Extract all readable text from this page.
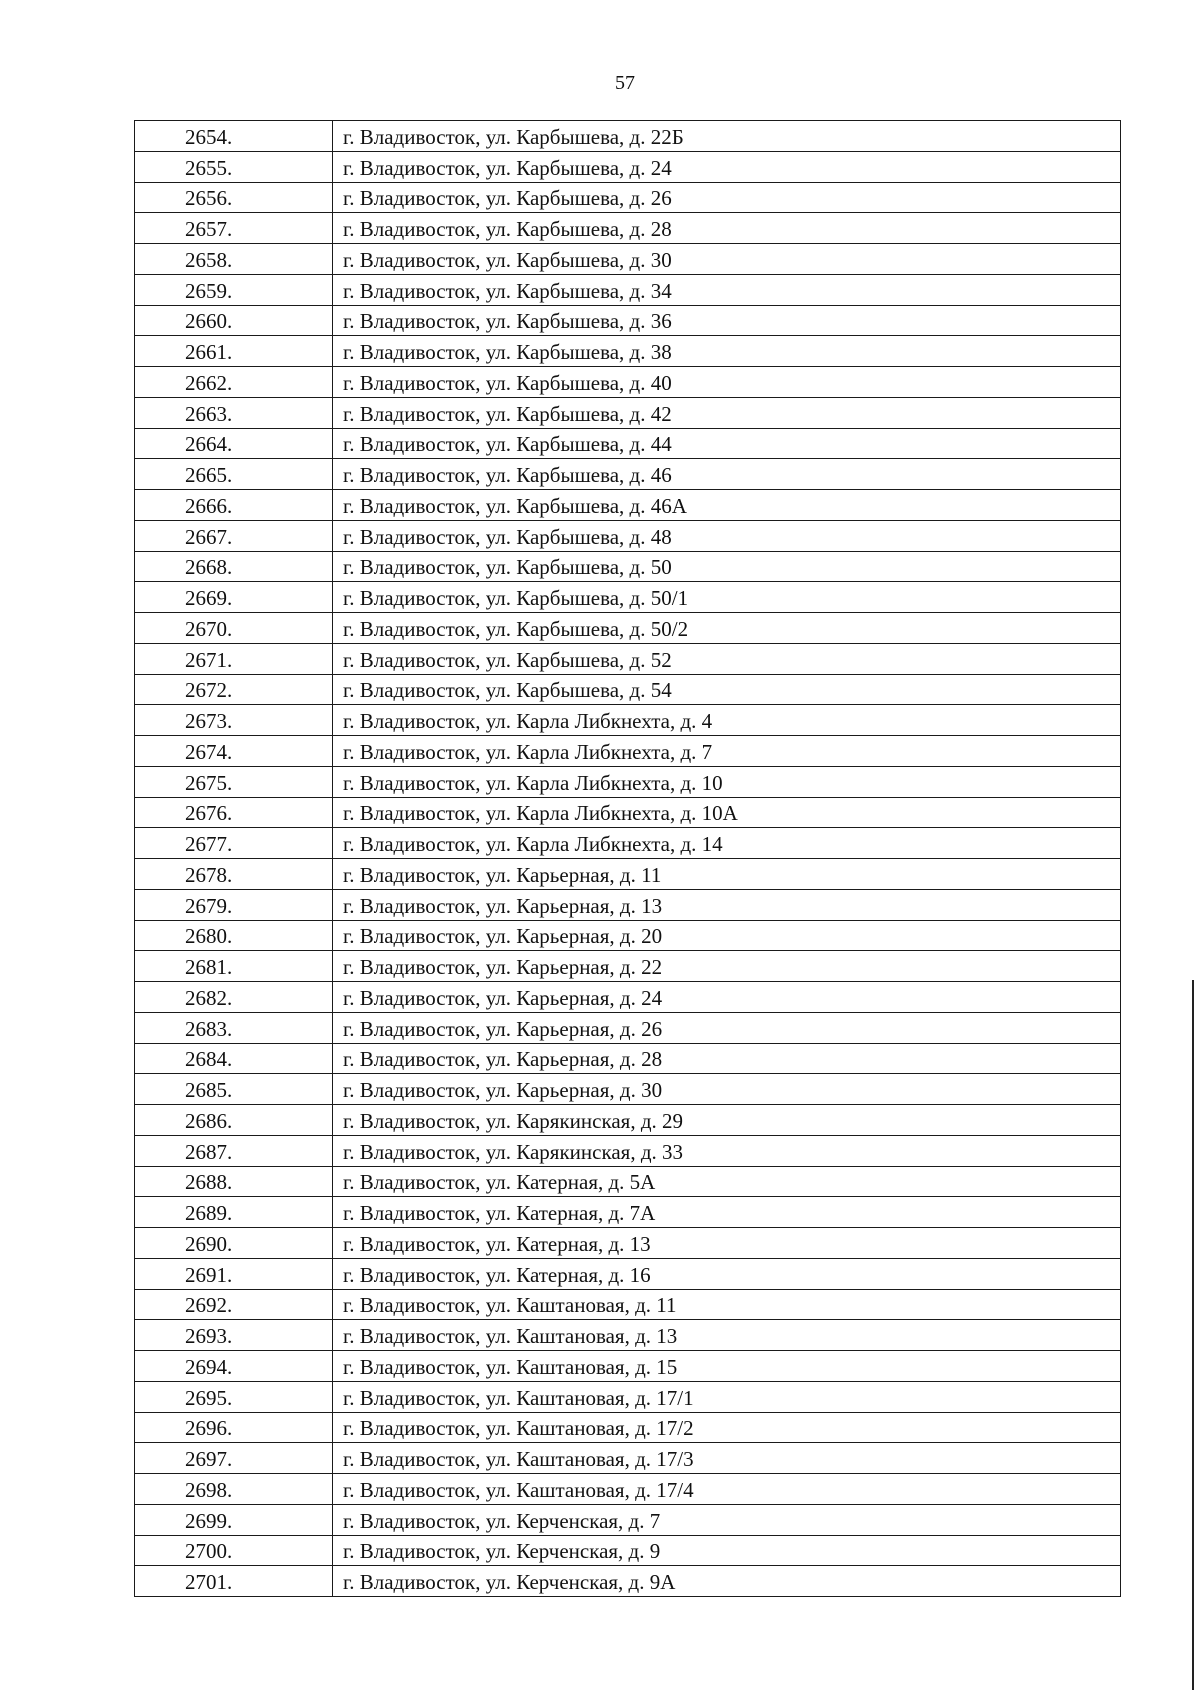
57
2654.	г. Владивосток, ул. Карбышева, д. 22Б
2655.	г. Владивосток, ул. Карбышева, д. 24
2656.	г. Владивосток, ул. Карбышева, д. 26
2657.	г. Владивосток, ул. Карбышева, д. 28
2658.	г. Владивосток, ул. Карбышева, д. 30
2659.	г. Владивосток, ул. Карбышева, д. 34
2660.	г. Владивосток, ул. Карбышева, д. 36
2661.	г. Владивосток, ул. Карбышева, д. 38
2662.	г. Владивосток, ул. Карбышева, д. 40
2663.	г. Владивосток, ул. Карбышева, д. 42
2664.	г. Владивосток, ул. Карбышева, д. 44
2665.	г. Владивосток, ул. Карбышева, д. 46
2666.	г. Владивосток, ул. Карбышева, д. 46А
2667.	г. Владивосток, ул. Карбышева, д. 48
2668.	г. Владивосток, ул. Карбышева, д. 50
2669.	г. Владивосток, ул. Карбышева, д. 50/1
2670.	г. Владивосток, ул. Карбышева, д. 50/2
2671.	г. Владивосток, ул. Карбышева, д. 52
2672.	г. Владивосток, ул. Карбышева, д. 54
2673.	г. Владивосток, ул. Карла Либкнехта, д. 4
2674.	г. Владивосток, ул. Карла Либкнехта, д. 7
2675.	г. Владивосток, ул. Карла Либкнехта, д. 10
2676.	г. Владивосток, ул. Карла Либкнехта, д. 10А
2677.	г. Владивосток, ул. Карла Либкнехта, д. 14
2678.	г. Владивосток, ул. Карьерная, д. 11
2679.	г. Владивосток, ул. Карьерная, д. 13
2680.	г. Владивосток, ул. Карьерная, д. 20
2681.	г. Владивосток, ул. Карьерная, д. 22
2682.	г. Владивосток, ул. Карьерная, д. 24
2683.	г. Владивосток, ул. Карьерная, д. 26
2684.	г. Владивосток, ул. Карьерная, д. 28
2685.	г. Владивосток, ул. Карьерная, д. 30
2686.	г. Владивосток, ул. Карякинская, д. 29
2687.	г. Владивосток, ул. Карякинская, д. 33
2688.	г. Владивосток, ул. Катерная, д. 5А
2689.	г. Владивосток, ул. Катерная, д. 7А
2690.	г. Владивосток, ул. Катерная, д. 13
2691.	г. Владивосток, ул. Катерная, д. 16
2692.	г. Владивосток, ул. Каштановая, д. 11
2693.	г. Владивосток, ул. Каштановая, д. 13
2694.	г. Владивосток, ул. Каштановая, д. 15
2695.	г. Владивосток, ул. Каштановая, д. 17/1
2696.	г. Владивосток, ул. Каштановая, д. 17/2
2697.	г. Владивосток, ул. Каштановая, д. 17/3
2698.	г. Владивосток, ул. Каштановая, д. 17/4
2699.	г. Владивосток, ул. Керченская, д. 7
2700.	г. Владивосток, ул. Керченская, д. 9
2701.	г. Владивосток, ул. Керченская, д. 9А
